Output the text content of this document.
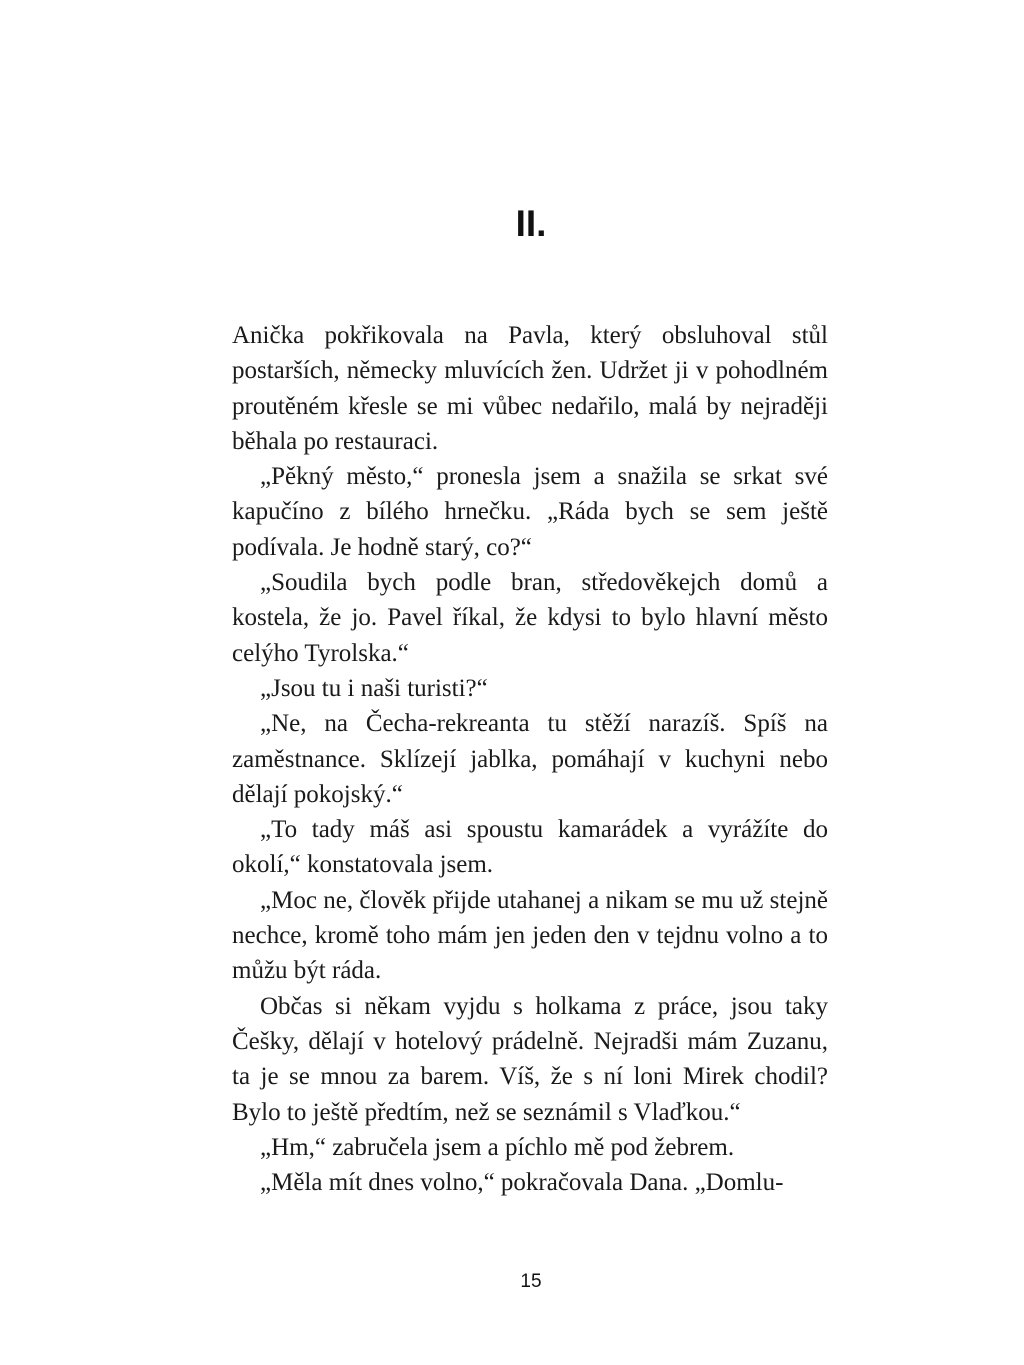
II.

Anička pokřikovala na Pavla, který obsluhoval stůl postarších, německy mluvících žen. Udržet ji v pohodlném proutěném křesle se mi vůbec nedařilo, malá by nejraději běhala po restauraci.

„Pěkný město,“ pronesla jsem a snažila se srkat své kapučíno z bílého hrnečku. „Ráda bych se sem ještě podívala. Je hodně starý, co?“

„Soudila bych podle bran, středověkejch domů a kostela, že jo. Pavel říkal, že kdysi to bylo hlavní město celýho Tyrolska.“

„Jsou tu i naši turisti?“

„Ne, na Čecha-rekreanta tu stěží narazíš. Spíš na zaměstnance. Sklízejí jablka, pomáhají v kuchyni nebo dělají pokojský.“

„To tady máš asi spoustu kamarádek a vyrážíte do okolí,“ konstatovala jsem.

„Moc ne, člověk přijde utahanej a nikam se mu už stejně nechce, kromě toho mám jen jeden den v tejdnu volno a to můžu být ráda.

Občas si někam vyjdu s holkama z práce, jsou taky Češky, dělají v hotelový prádelně. Nejradši mám Zuzanu, ta je se mnou za barem. Víš, že s ní loni Mirek chodil? Bylo to ještě předtím, než se seznámil s Vlaďkou.“

„Hm,“ zabručela jsem a píchlo mě pod žebrem.

„Měla mít dnes volno,“ pokračovala Dana. „Domlu-

15
